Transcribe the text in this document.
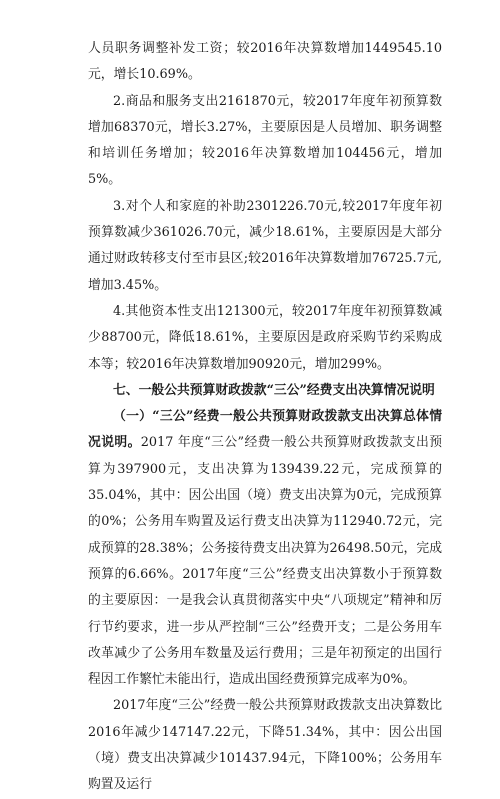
人员职务调整补发工资；较2016年决算数增加1449545.10元，增长10.69%。

2.商品和服务支出2161870元，较2017年度年初预算数增加68370元，增长3.27%，主要原因是人员增加、职务调整和培训任务增加；较2016年决算数增加104456元，增加5%。

3.对个人和家庭的补助2301226.70元,较2017年度年初预算数减少361026.70元，减少18.61%，主要原因是大部分通过财政转移支付至市县区;较2016年决算数增加76725.7元,增加3.45%。

4.其他资本性支出121300元，较2017年度年初预算数减少88700元，降低18.61%，主要原因是政府采购节约采购成本等；较2016年决算数增加90920元，增加299%。

七、一般公共预算财政拨款“三公”经费支出决算情况说明

（一）“三公”经费一般公共预算财政拨款支出决算总体情况说明。2017 年度“三公”经费一般公共预算财政拨款支出预算为397900元，支出决算为139439.22元，完成预算的35.04%，其中：因公出国（境）费支出决算为0元，完成预算的0%；公务用车购置及运行费支出决算为112940.72元，完成预算的28.38%；公务接待费支出决算为26498.50元，完成预算的6.66%。2017年度“三公”经费支出决算数小于预算数的主要原因：一是我会认真贯彻落实中央“八项规定”精神和厉行节约要求，进一步从严控制“三公”经费开支；二是公务用车改革减少了公务用车数量及运行费用；三是年初预定的出国行程因工作繁忙未能出行，造成出国经费预算完成率为0%。

2017年度“三公”经费一般公共预算财政拨款支出决算数比2016年减少147147.22元，下降51.34%，其中：因公出国（境）费支出决算减少101437.94元，下降100%；公务用车购置及运行
